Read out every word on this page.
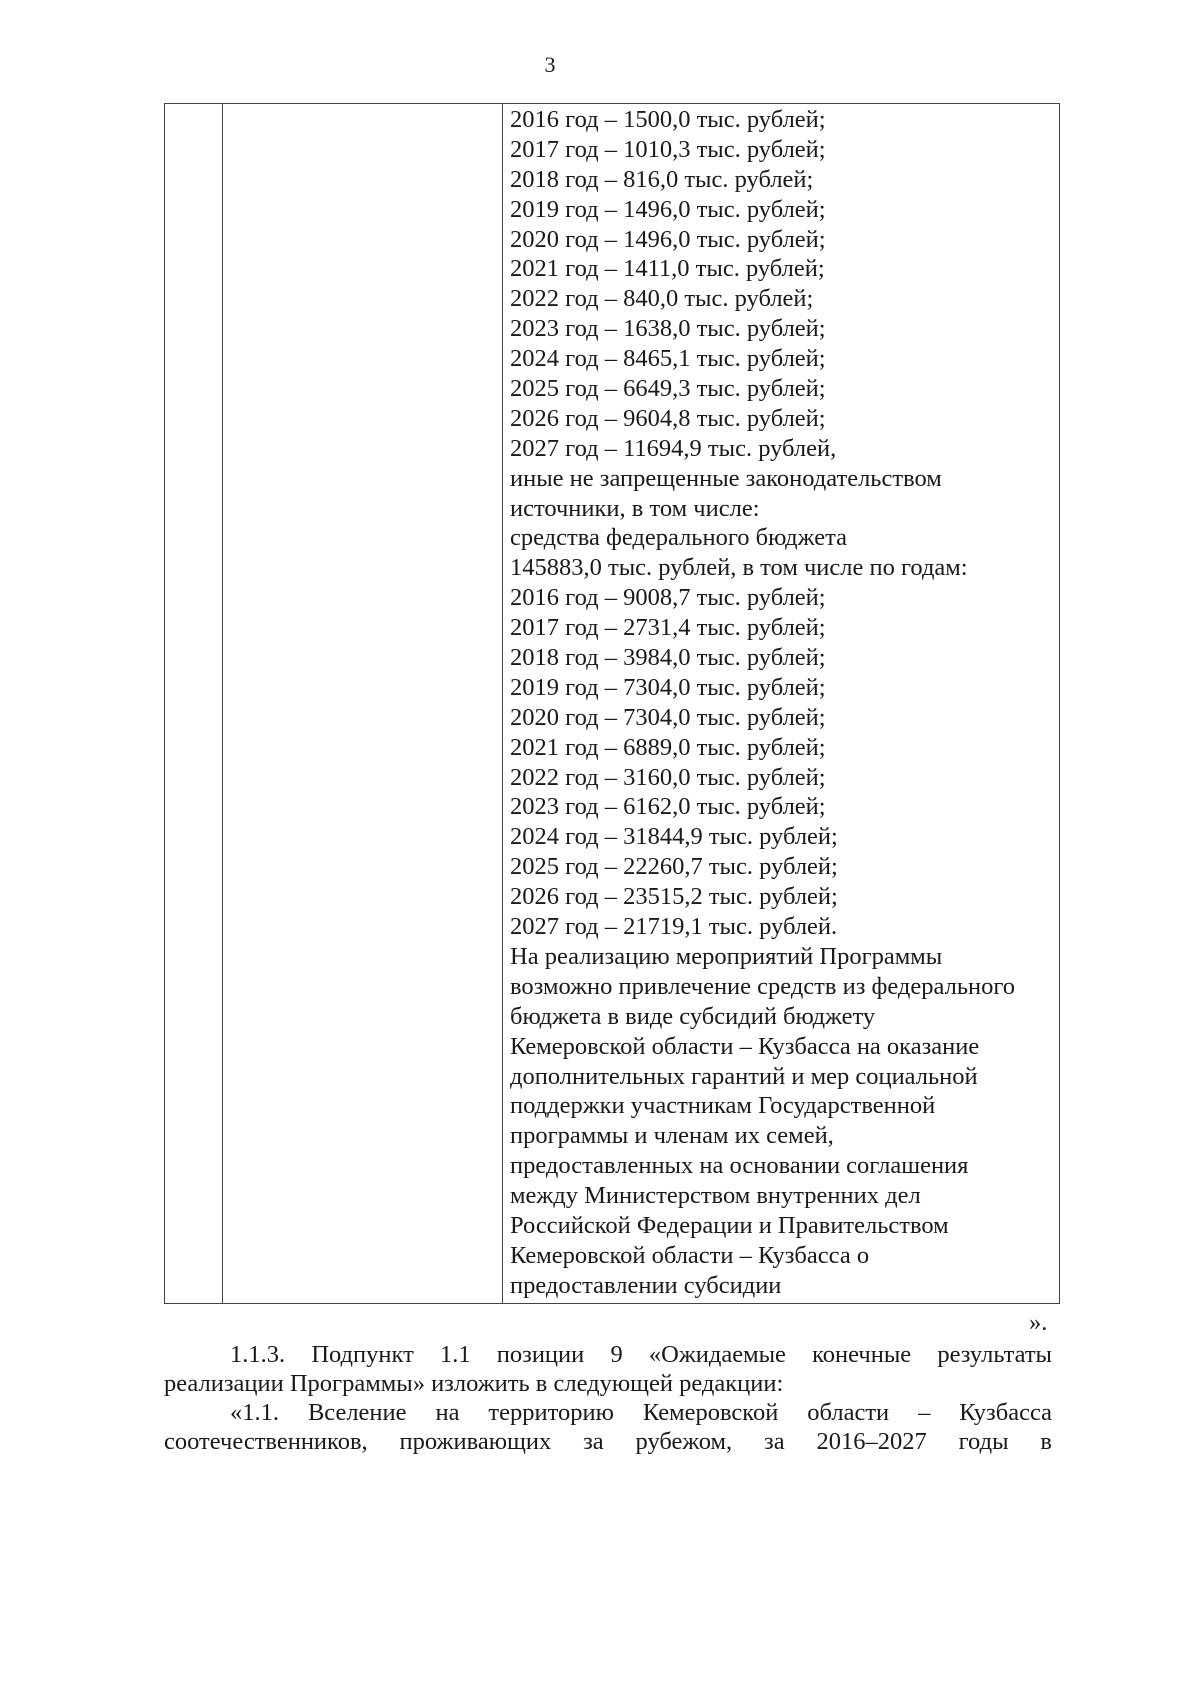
3
2016 год – 1500,0 тыс. рублей;
2017 год – 1010,3 тыс. рублей;
2018 год – 816,0 тыс. рублей;
2019 год – 1496,0 тыс. рублей;
2020 год – 1496,0 тыс. рублей;
2021 год – 1411,0 тыс. рублей;
2022 год – 840,0 тыс. рублей;
2023 год – 1638,0 тыс. рублей;
2024 год – 8465,1 тыс. рублей;
2025 год – 6649,3 тыс. рублей;
2026 год – 9604,8 тыс. рублей;
2027 год – 11694,9 тыс. рублей,
иные не запрещенные законодательством
источники, в том числе:
средства федерального бюджета
145883,0 тыс. рублей, в том числе по годам:
2016 год – 9008,7 тыс. рублей;
2017 год – 2731,4 тыс. рублей;
2018 год – 3984,0 тыс. рублей;
2019 год – 7304,0 тыс. рублей;
2020 год – 7304,0 тыс. рублей;
2021 год – 6889,0 тыс. рублей;
2022 год – 3160,0 тыс. рублей;
2023 год – 6162,0 тыс. рублей;
2024 год – 31844,9 тыс. рублей;
2025 год – 22260,7 тыс. рублей;
2026 год – 23515,2 тыс. рублей;
2027 год – 21719,1 тыс. рублей.
На реализацию мероприятий Программы
возможно привлечение средств из федерального
бюджета в виде субсидий бюджету
Кемеровской области – Кузбасса на оказание
дополнительных гарантий и мер социальной
поддержки участникам Государственной
программы и членам их семей,
предоставленных на основании соглашения
между Министерством внутренних дел
Российской Федерации и Правительством
Кемеровской области – Кузбасса о
предоставлении субсидии
».
1.1.3. Подпункт 1.1 позиции 9 «Ожидаемые конечные результаты
реализации Программы» изложить в следующей редакции:
«1.1. Вселение на территорию Кемеровской области – Кузбасса
соотечественников, проживающих за рубежом, за 2016–2027 годы в
